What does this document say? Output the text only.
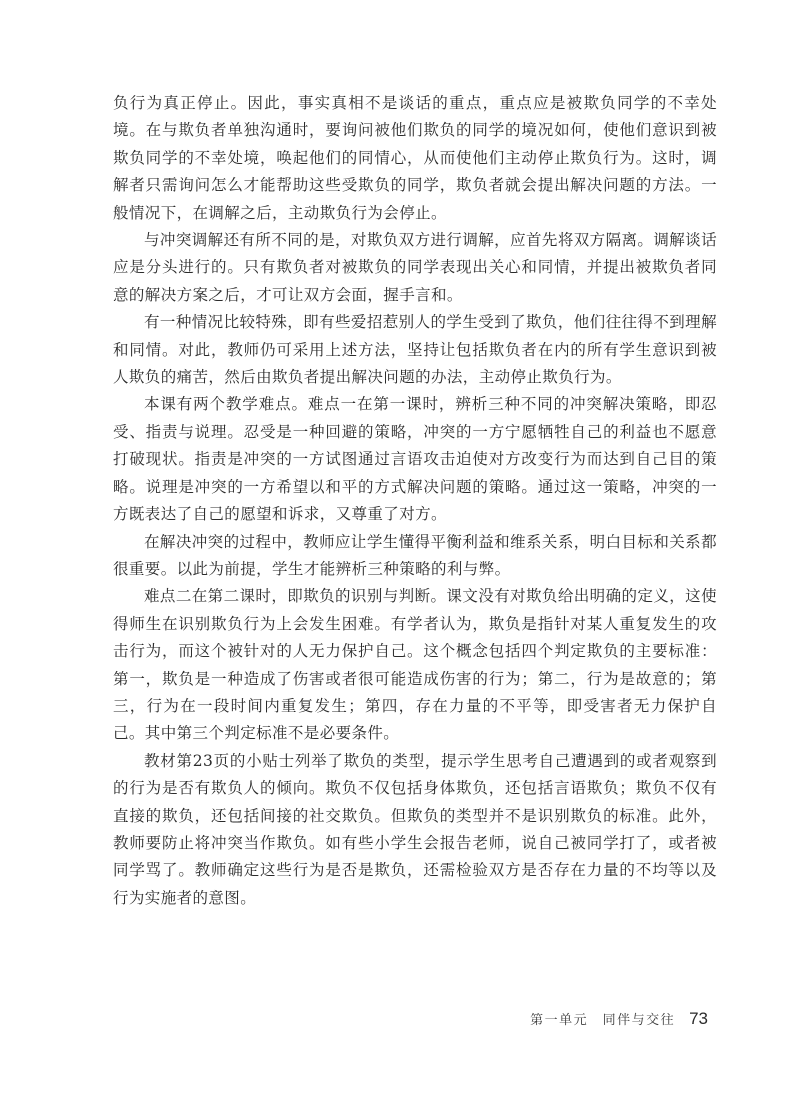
负行为真正停止。因此，事实真相不是谈话的重点，重点应是被欺负同学的不幸处境。在与欺负者单独沟通时，要询问被他们欺负的同学的境况如何，使他们意识到被欺负同学的不幸处境，唤起他们的同情心，从而使他们主动停止欺负行为。这时，调解者只需询问怎么才能帮助这些受欺负的同学，欺负者就会提出解决问题的方法。一般情况下，在调解之后，主动欺负行为会停止。

与冲突调解还有所不同的是，对欺负双方进行调解，应首先将双方隔离。调解谈话应是分头进行的。只有欺负者对被欺负的同学表现出关心和同情，并提出被欺负者同意的解决方案之后，才可让双方会面，握手言和。

有一种情况比较特殊，即有些爱招惹别人的学生受到了欺负，他们往往得不到理解和同情。对此，教师仍可采用上述方法，坚持让包括欺负者在内的所有学生意识到被人欺负的痛苦，然后由欺负者提出解决问题的办法，主动停止欺负行为。

本课有两个教学难点。难点一在第一课时，辨析三种不同的冲突解决策略，即忍受、指责与说理。忍受是一种回避的策略，冲突的一方宁愿牺牲自己的利益也不愿意打破现状。指责是冲突的一方试图通过言语攻击迫使对方改变行为而达到自己目的策略。说理是冲突的一方希望以和平的方式解决问题的策略。通过这一策略，冲突的一方既表达了自己的愿望和诉求，又尊重了对方。

在解决冲突的过程中，教师应让学生懂得平衡利益和维系关系，明白目标和关系都很重要。以此为前提，学生才能辨析三种策略的利与弊。

难点二在第二课时，即欺负的识别与判断。课文没有对欺负给出明确的定义，这使得师生在识别欺负行为上会发生困难。有学者认为，欺负是指针对某人重复发生的攻击行为，而这个被针对的人无力保护自己。这个概念包括四个判定欺负的主要标准：第一，欺负是一种造成了伤害或者很可能造成伤害的行为；第二，行为是故意的；第三，行为在一段时间内重复发生；第四，存在力量的不平等，即受害者无力保护自己。其中第三个判定标准不是必要条件。

教材第23页的小贴士列举了欺负的类型，提示学生思考自己遭遇到的或者观察到的行为是否有欺负人的倾向。欺负不仅包括身体欺负，还包括言语欺负；欺负不仅有直接的欺负，还包括间接的社交欺负。但欺负的类型并不是识别欺负的标准。此外，教师要防止将冲突当作欺负。如有些小学生会报告老师，说自己被同学打了，或者被同学骂了。教师确定这些行为是否是欺负，还需检验双方是否存在力量的不均等以及行为实施者的意图。

第一单元　同伴与交往 73
